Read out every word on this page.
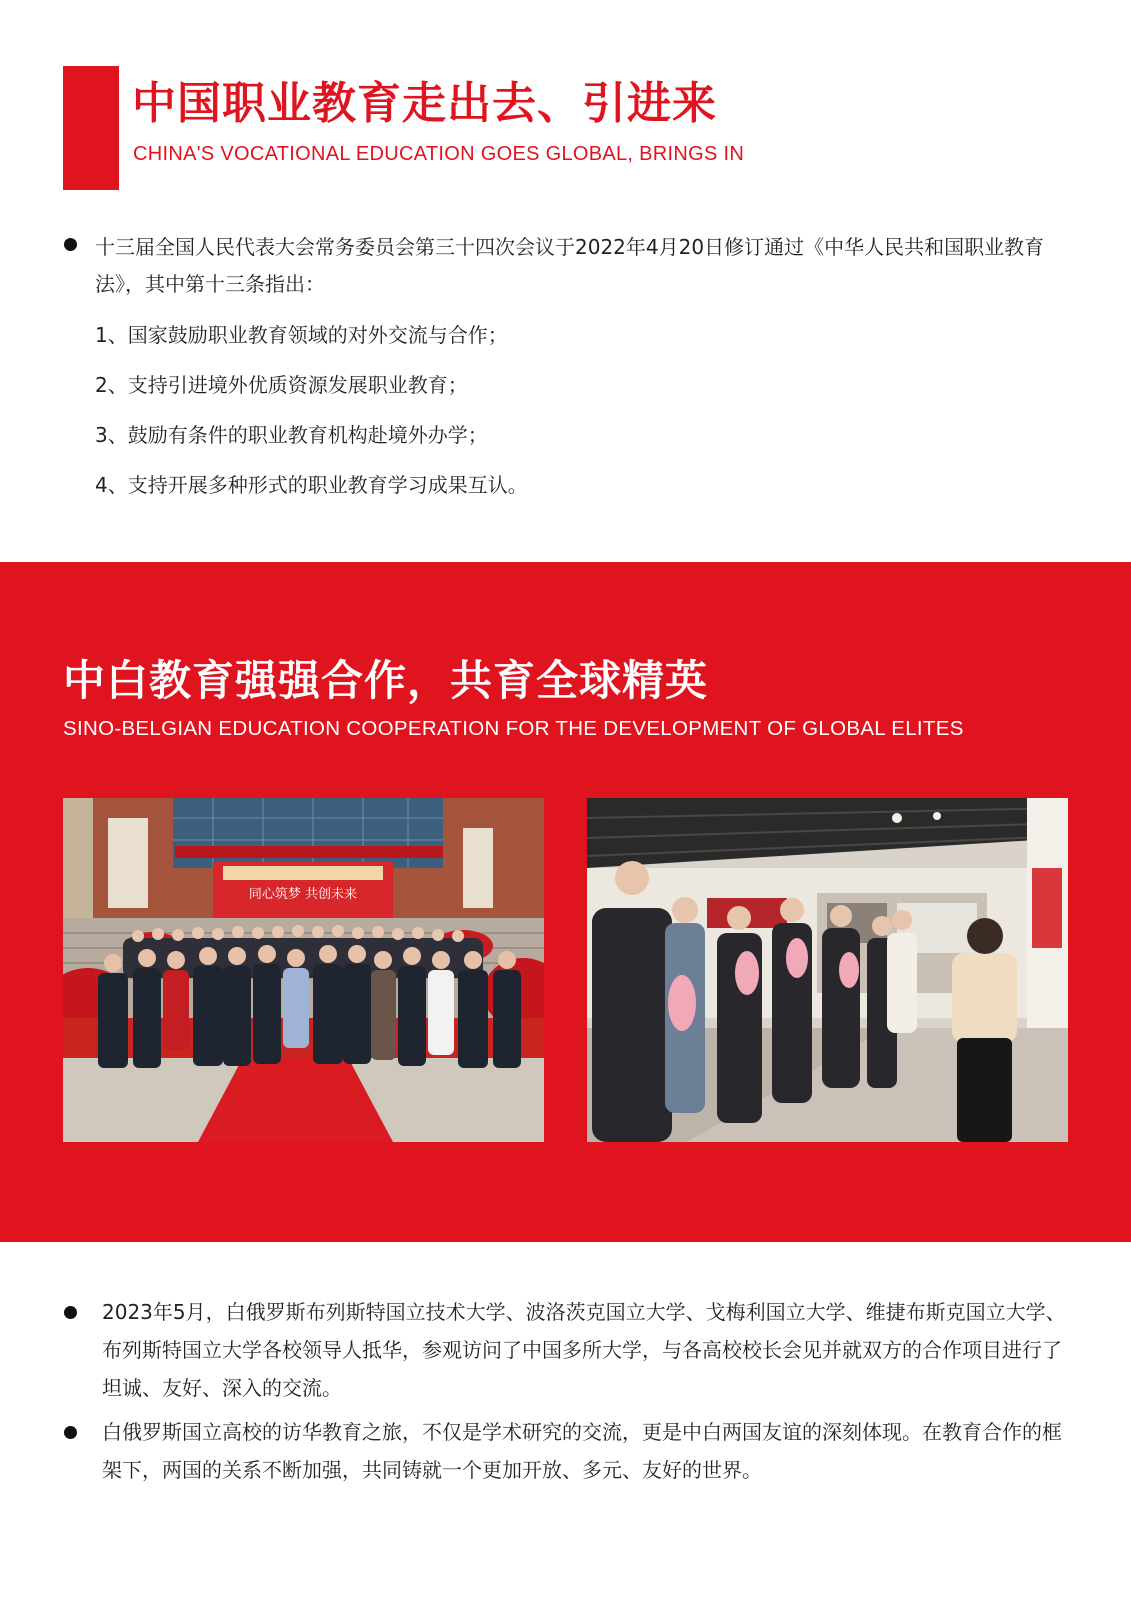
中国职业教育走出去、引进来
CHINA'S VOCATIONAL EDUCATION GOES GLOBAL, BRINGS IN
十三届全国人民代表大会常务委员会第三十四次会议于2022年4月20日修订通过《中华人民共和国职业教育法》，其中第十三条指出：
1、国家鼓励职业教育领域的对外交流与合作；
2、支持引进境外优质资源发展职业教育；
3、鼓励有条件的职业教育机构赴境外办学；
4、支持开展多种形式的职业教育学习成果互认。
中白教育强强合作，共育全球精英
SINO-BELGIAN EDUCATION COOPERATION FOR THE DEVELOPMENT OF GLOBAL ELITES
同心筑梦 共创未来
2023年5月，白俄罗斯布列斯特国立技术大学、波洛茨克国立大学、戈梅利国立大学、维捷布斯克国立大学、布列斯特国立大学各校领导人抵华，参观访问了中国多所大学，与各高校校长会见并就双方的合作项目进行了坦诚、友好、深入的交流。
白俄罗斯国立高校的访华教育之旅，不仅是学术研究的交流，更是中白两国友谊的深刻体现。在教育合作的框架下，两国的关系不断加强，共同铸就一个更加开放、多元、友好的世界。
